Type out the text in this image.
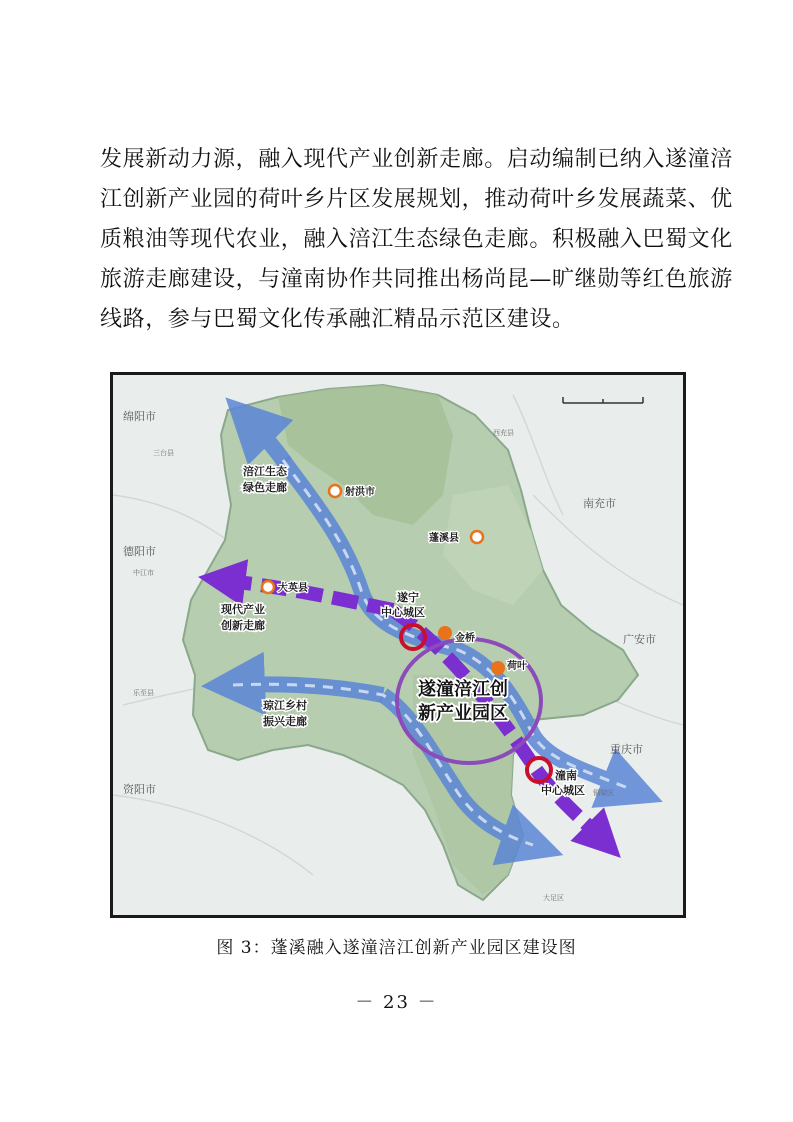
发展新动力源，融入现代产业创新走廊。启动编制已纳入遂潼涪
江创新产业园的荷叶乡片区发展规划，推动荷叶乡发展蔬菜、优
质粮油等现代农业，融入涪江生态绿色走廊。积极融入巴蜀文化
旅游走廊建设，与潼南协作共同推出杨尚昆—旷继勋等红色旅游
线路，参与巴蜀文化传承融汇精品示范区建设。
绵阳市
德阳市
南充市
广安市
重庆市
资阳市
三台县
西充县
中江市
乐至县
铜梁区
大足区
射洪市
蓬溪县
大英县
金桥
荷叶
遂宁
中心城区
潼南
中心城区
涪江生态
绿色走廊
现代产业
创新走廊
琼江乡村
振兴走廊
遂潼涪江创
新产业园区
图 3：蓬溪融入遂潼涪江创新产业园区建设图
－ 23 －
